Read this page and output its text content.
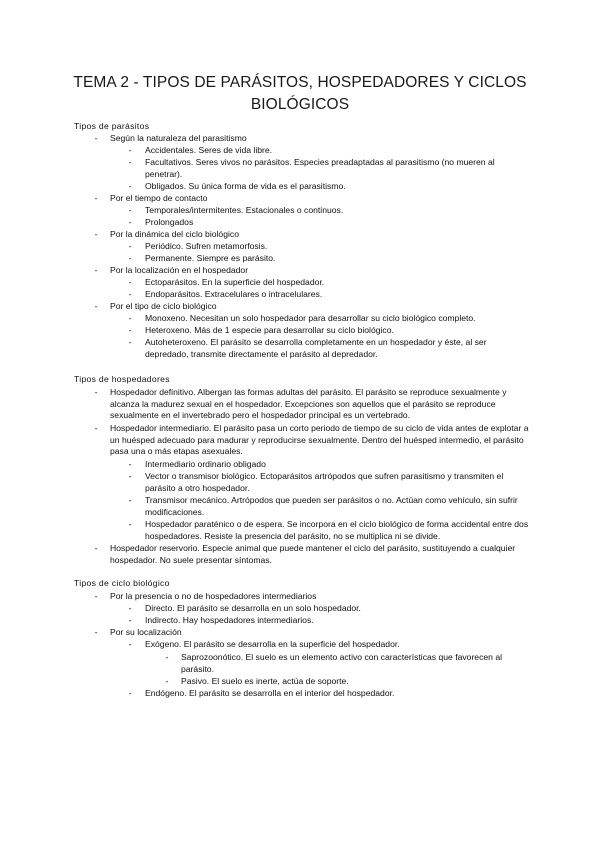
TEMA 2 - TIPOS DE PARÁSITOS, HOSPEDADORES Y CICLOS BIOLÓGICOS

Tipos de parásitos

-	Según la naturaleza del parasitismo
-	Accidentales. Seres de vida libre.
-	Facultativos. Seres vivos no parásitos. Especies preadaptadas al parasitismo (no mueren al penetrar).
-	Obligados. Su única forma de vida es el parasitismo.
-	Por el tiempo de contacto
-	Temporales/intermitentes. Estacionales o continuos.
-	Prolongados
-	Por la dinámica del ciclo biológico
-	Periódico. Sufren metamorfosis.
-	Permanente. Siempre es parásito.
-	Por la localización en el hospedador
-	Ectoparásitos. En la superficie del hospedador.
-	Endoparásitos. Extracelulares o intracelulares.
-	Por el tipo de ciclo biológico
-	Monoxeno. Necesitan un solo hospedador para desarrollar su ciclo biológico completo.
-	Heteroxeno. Más de 1 especie para desarrollar su ciclo biológico.
-	Autoheteroxeno. El parásito se desarrolla completamente en un hospedador y éste, al ser depredado, transmite directamente el parásito al depredador.

Tipos de hospedadores

-	Hospedador definitivo. Albergan las formas adultas del parásito. El parásito se reproduce sexualmente y alcanza la madurez sexual en el hospedador. Excepciones son aquellos que el parásito se reproduce sexualmente en el invertebrado pero el hospedador principal es un vertebrado.
-	Hospedador intermediario. El parásito pasa un corto periodo de tiempo de su ciclo de vida antes de explotar a un huésped adecuado para madurar y reproducirse sexualmente. Dentro del huésped intermedio, el parásito pasa una o más etapas asexuales.
-	Intermediario ordinario obligado
-	Vector o transmisor biológico. Ectoparásitos artrópodos que sufren parasitismo y transmiten el parásito a otro hospedador.
-	Transmisor mecánico. Artrópodos que pueden ser parásitos o no. Actúan como vehículo, sin sufrir modificaciones.
-	Hospedador paraténico o de espera. Se incorpora en el ciclo biológico de forma accidental entre dos hospedadores. Resiste la presencia del parásito, no se multiplica ni se divide.
-	Hospedador reservorio. Especie animal que puede mantener el ciclo del parásito, sustituyendo a cualquier hospedador. No suele presentar síntomas.

Tipos de ciclo biológico

-	Por la presencia o no de hospedadores intermediarios
-	Directo. El parásito se desarrolla en un solo hospedador.
-	Indirecto. Hay hospedadores intermediarios.
-	Por su localización
-	Exógeno. El parásito se desarrolla en la superficie del hospedador.
-	Saprozoonótico. El suelo es un elemento activo con características que favorecen al parásito.
-	Pasivo. El suelo es inerte, actúa de soporte.
-	Endógeno. El parásito se desarrolla en el interior del hospedador.
